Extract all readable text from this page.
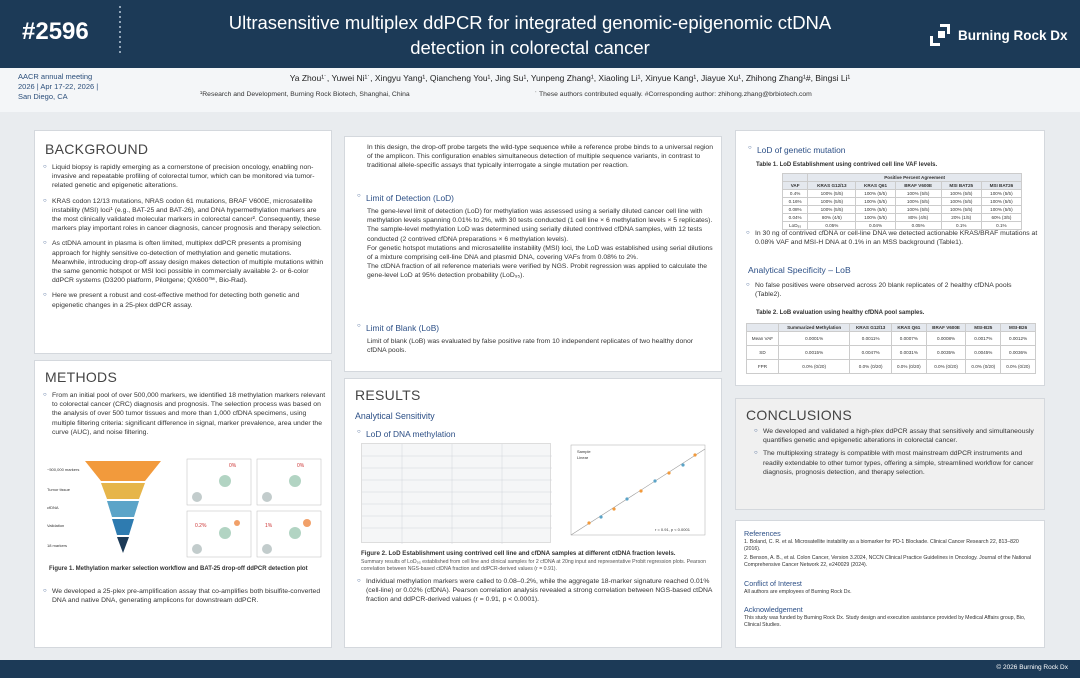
#2596	Ultrasensitive multiplex ddPCR for integrated genomic-epigenomic ctDNA
detection in colorectal cancer
Burning Rock Dx
AACR annual meeting
2026 | Apr 17-22, 2026 |
San Diego, CA
Ya Zhou¹˙, Yuwei Ni¹˙, Xingyu Yang¹, Qiancheng You¹, Jing Su¹, Yunpeng Zhang¹, Xiaoling Li¹, Xinyue Kang¹, Jiayue Xu¹, Zhihong Zhang¹#, Bingsi Li¹
¹Research and Development, Burning Rock Biotech, Shanghai, China	˙ These authors contributed equally. #Corresponding author: zhihong.zhang@brbiotech.com
BACKGROUND
○ Liquid biopsy is rapidly emerging as a cornerstone of precision oncology, enabling non-invasive and repeatable profiling of colorectal tumor, which can be monitored via tumor-related genetic and epigenetic alterations.
○ KRAS codon 12/13 mutations, NRAS codon 61 mutations, BRAF V600E, microsatellite instability (MSI) loci¹ (e.g., BAT-25 and BAT-26), and DNA hypermethylation markers are the most clinically validated molecular markers in colorectal cancer². Consequently, these markers play important roles in cancer diagnosis, cancer prognosis and therapy selection.
○ As ctDNA amount in plasma is often limited, multiplex ddPCR presents a promising approach for highly sensitive co-detection of methylation and genetic mutations. Meanwhile, introducing drop-off assay design makes detection of multiple mutations within the same genomic hotspot or MSI loci possible in commercially available 2- or 6-color ddPCR systems (D3200 platform, Pilotgene; QX600™, Bio-Rad).
○ Here we present a robust and cost-effective method for detecting both genetic and epigenetic changes in a 25-plex ddPCR assay.
METHODS
○ From an initial pool of over 500,000 markers, we identified 18 methylation markers relevant to colorectal cancer (CRC) diagnosis and prognosis. The selection process was based on the analysis of over 500 tumor tissues and more than 1,000 cfDNA specimens, using multiple filtering criteria: significant difference in signal, marker prevalence, area under the curve (AUC), and noise filtering.
~500,000 markers
Tumor tissue
cfDNA
Validation
18 markers
0%	0%
0.2%	1%
Figure 1. Methylation marker selection workflow and BAT-25 drop-off ddPCR detection plot
○ We developed a 25-plex pre-amplification assay that co-amplifies both bisulfite-converted DNA and native DNA, generating amplicons for downstream ddPCR.
In this design, the drop-off probe targets the wild-type sequence while a reference probe binds to a universal region of the amplicon. This configuration enables simultaneous detection of multiple sequence variants, in contrast to traditional allele-specific assays that typically interrogate a single mutation per reaction.
○ Limit of Detection (LoD)
The gene-level limit of detection (LoD) for methylation was assessed using a serially diluted cancer cell line with methylation levels spanning 0.01% to 2%, with 30 tests conducted (1 cell line × 6 methylation levels × 5 replicates). The sample-level methylation LoD was determined using serially diluted contrived cfDNA samples, with 12 tests conducted (2 contrived cfDNA preparations × 6 methylation levels).
For genetic hotspot mutations and microsatellite instability (MSI) loci, the LoD was established using serial dilutions of a mixture comprising cell-line DNA and plasmid DNA, covering VAFs from 0.08% to 2%.
The ctDNA fraction of all reference materials were verified by NGS. Probit regression was applied to calculate the gene-level LoD at 95% detection probability (LoD₉₅).
○ Limit of Blank (LoB)
Limit of blank (LoB) was evaluated by false positive rate from 10 independent replicates of two healthy donor cfDNA pools.
RESULTS
Analytical Sensitivity
○ LoD of DNA methylation
Sample
Linear
r = 0.91, p < 0.0001
Figure 2. LoD Establishment using contrived cell line and cfDNA samples at different ctDNA fraction levels.
Summary results of LoD₉₅ established from cell line and clinical samples for 2 cfDNA at 20ng input and representative Probit regression plots. Pearson correlation between NGS-based ctDNA fraction and ddPCR-derived values (r = 0.91).
○ Individual methylation markers were called to 0.08–0.2%, while the aggregate 18-marker signature reached 0.01% (cell-line) or 0.02% (cfDNA). Pearson correlation analysis revealed a strong correlation between NGS-based ctDNA fraction and ddPCR-derived values (r = 0.91, p < 0.0001).
○ LoD of genetic mutation
Table 1. LoD Establishment using contrived cell line VAF levels.
	Positive Percent Agreement				
VAF	KRAS G12/13	KRAS Q61	BRAF V600E	MSI BAT25	MSI BAT26
0.4%	100% (5/5)	100% (5/5)	100% (5/5)	100% (5/5)	100% (5/5)
0.16%	100% (5/5)	100% (5/5)	100% (5/5)	100% (5/5)	100% (5/5)
0.08%	100% (5/5)	100% (5/5)	100% (5/5)	100% (5/5)	100% (5/5)
0.04%	80% (4/5)	100% (5/5)	80% (4/5)	20% (1/5)	60% (3/5)
LoD₉₅	0.05%	0.04%	0.05%	0.1%	0.1%
○ In 30 ng of contrived cfDNA or cell-line DNA we detected actionable KRAS/BRAF mutations at 0.08% VAF and MSI-H DNA at 0.1% in an MSS background (Table1).
Analytical Specificity – LoB
○ No false positives were observed across 20 blank replicates of 2 healthy cfDNA pools (Table2).
Table 2. LoB evaluation using healthy cfDNA pool samples.
	Summarized Methylation	KRAS G12/13	KRAS Q61	BRAF V600E	MSI-B25	MSI-B26
Mean VAF	0.0001%	0.0011%	0.0007%	0.0008%	0.0017%	0.0012%
SD	0.0015%	0.0047%	0.0031%	0.0035%	0.0045%	0.0036%
FPR	0.0% (0/20)	0.0% (0/20)	0.0% (0/20)	0.0% (0/20)	0.0% (0/20)	0.0% (0/20)
CONCLUSIONS
○ We developed and validated a high-plex ddPCR assay that sensitively and simultaneously quantifies genetic and epigenetic alterations in colorectal cancer.
○ The multiplexing strategy is compatible with most mainstream ddPCR instruments and readily extendable to other tumor types, offering a simple, streamlined workflow for cancer diagnosis, prognosis detection, and therapy selection.
References
1. Boland, C. R. et al. Microsatellite instability as a biomarker for PD-1 Blockade. Clinical Cancer Research 22, 813–820 (2016).
2. Benson, A. B., et al. Colon Cancer, Version 3.2024, NCCN Clinical Practice Guidelines in Oncology. Journal of the National Comprehensive Cancer Network 22, e240029 (2024).
Conflict of Interest
All authors are employees of Burning Rock Dx.
Acknowledgement
This study was funded by Burning Rock Dx. Study design and execution assistance provided by Medical Affairs group, Bio, Clinical Studies.
© 2026 Burning Rock Dx
